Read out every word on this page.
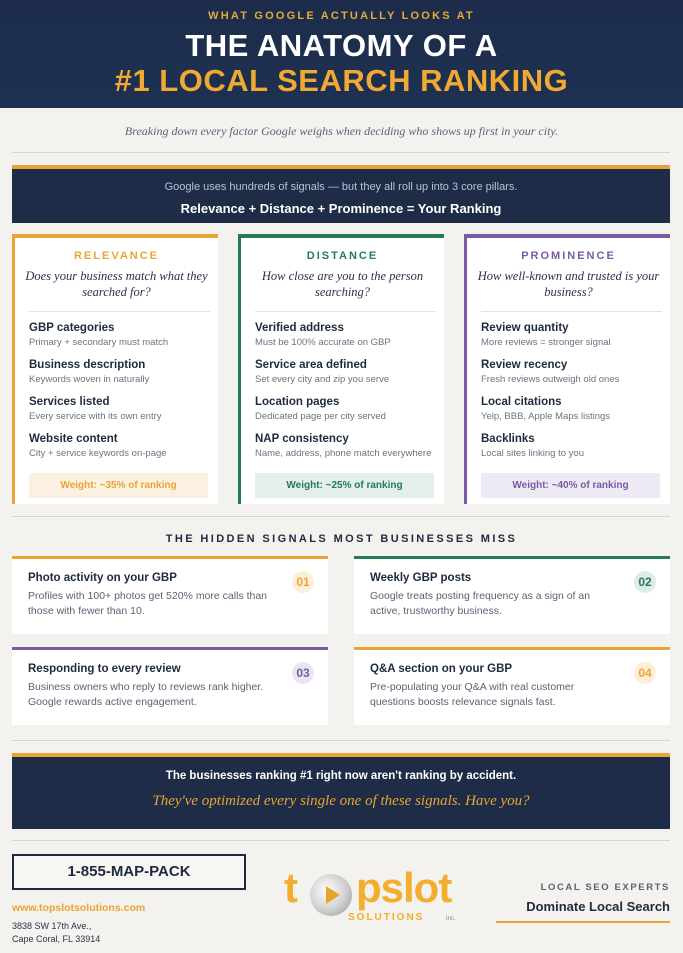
WHAT GOOGLE ACTUALLY LOOKS AT
THE ANATOMY OF A
#1 LOCAL SEARCH RANKING
Breaking down every factor Google weighs when deciding who shows up first in your city.
Google uses hundreds of signals — but they all roll up into 3 core pillars.
Relevance + Distance + Prominence = Your Ranking
RELEVANCE
Does your business match what they searched for?
GBP categories
Primary + secondary must match
Business description
Keywords woven in naturally
Services listed
Every service with its own entry
Website content
City + service keywords on-page
Weight: ~35% of ranking
DISTANCE
How close are you to the person searching?
Verified address
Must be 100% accurate on GBP
Service area defined
Set every city and zip you serve
Location pages
Dedicated page per city served
NAP consistency
Name, address, phone match everywhere
Weight: ~25% of ranking
PROMINENCE
How well-known and trusted is your business?
Review quantity
More reviews = stronger signal
Review recency
Fresh reviews outweigh old ones
Local citations
Yelp, BBB, Apple Maps listings
Backlinks
Local sites linking to you
Weight: ~40% of ranking
THE HIDDEN SIGNALS MOST BUSINESSES MISS
Photo activity on your GBP
Profiles with 100+ photos get 520% more calls than those with fewer than 10.
01	Weekly GBP posts
Google treats posting frequency as a sign of an active, trustworthy business.
02
Responding to every review
Business owners who reply to reviews rank higher. Google rewards active engagement.
03	Q&A section on your GBP
Pre-populating your Q&A with real customer questions boosts relevance signals fast.
04
The businesses ranking #1 right now aren't ranking by accident.
They've optimized every single one of these signals. Have you?
1-855-MAP-PACK
www.topslotsolutions.com
3838 SW 17th Ave.,
Cape Coral, FL 33914
t pslot
SOLUTIONS	Inc.
LOCAL SEO EXPERTS
Dominate Local Search
